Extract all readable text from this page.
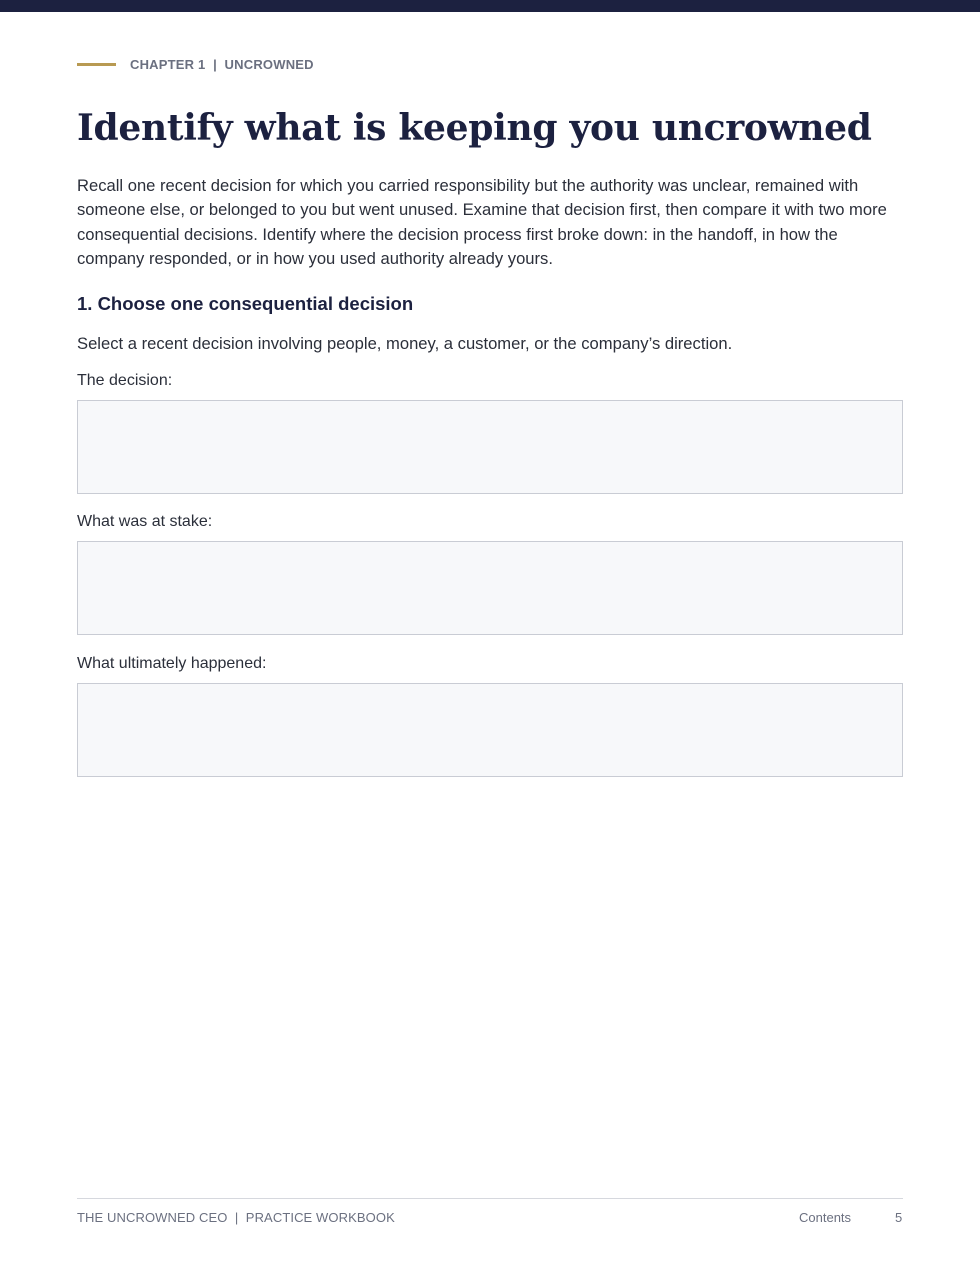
CHAPTER 1  |  UNCROWNED
Identify what is keeping you uncrowned

Recall one recent decision for which you carried responsibility but the authority was unclear, remained with someone else, or belonged to you but went unused. Examine that decision first, then compare it with two more consequential decisions. Identify where the decision process first broke down: in the handoff, in how the company responded, or in how you used authority already yours.

1. Choose one consequential decision

Select a recent decision involving people, money, a customer, or the company’s direction.

The decision:
What was at stake:
What ultimately happened:
THE UNCROWNED CEO  |  PRACTICE WORKBOOK	Contents	5
